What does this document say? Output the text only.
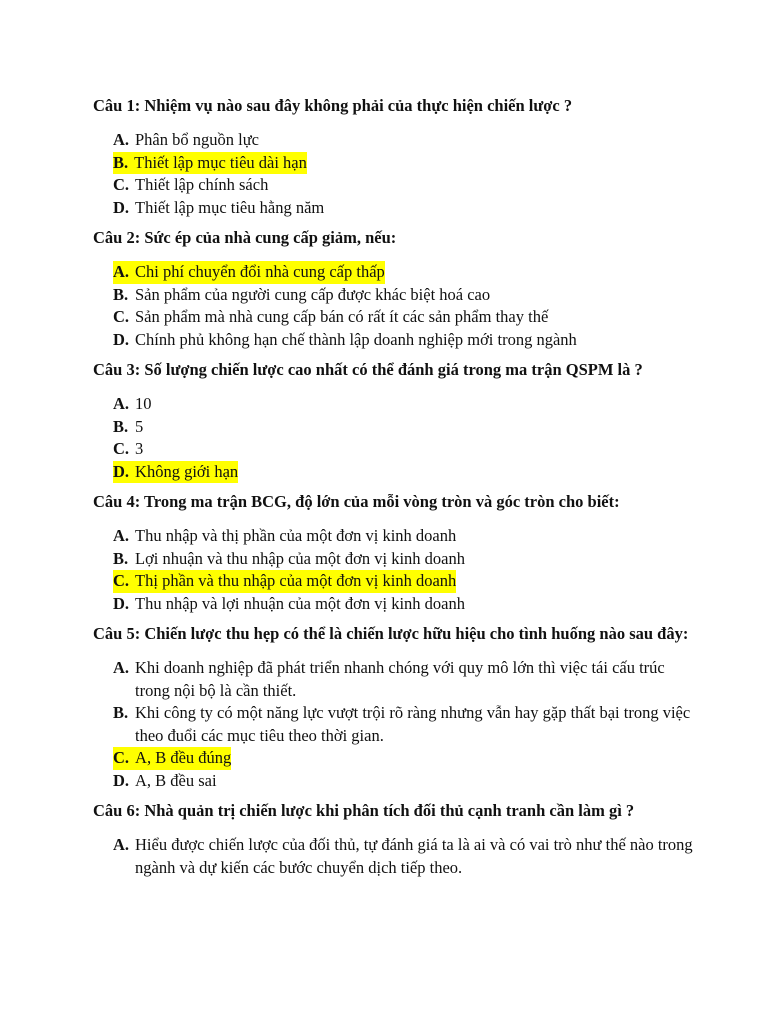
Câu 1: Nhiệm vụ nào sau đây không phải của thực hiện chiến lược ?

A. Phân bổ nguồn lực
B. Thiết lập mục tiêu dài hạn
C. Thiết lập chính sách
D. Thiết lập mục tiêu hằng năm

Câu 2: Sức ép của nhà cung cấp giảm, nếu:

A. Chi phí chuyển đổi nhà cung cấp thấp
B. Sản phẩm của người cung cấp được khác biệt hoá cao
C. Sản phẩm mà nhà cung cấp bán có rất ít các sản phẩm thay thế
D. Chính phủ không hạn chế thành lập doanh nghiệp mới trong ngành

Câu 3: Số lượng chiến lược cao nhất có thể đánh giá trong ma trận QSPM là ?

A. 10
B. 5
C. 3
D. Không giới hạn

Câu 4: Trong ma trận BCG, độ lớn của mỗi vòng tròn và góc tròn cho biết:

A. Thu nhập và thị phần của một đơn vị kinh doanh
B. Lợi nhuận và thu nhập của một đơn vị kinh doanh
C. Thị phần và thu nhập của một đơn vị kinh doanh
D. Thu nhập và lợi nhuận của một đơn vị kinh doanh

Câu 5: Chiến lược thu hẹp có thể là chiến lược hữu hiệu cho tình huống nào sau đây:

A. Khi doanh nghiệp đã phát triển nhanh chóng với quy mô lớn thì việc tái cấu trúc trong nội bộ là cần thiết.
B. Khi công ty có một năng lực vượt trội rõ ràng nhưng vẫn hay gặp thất bại trong việc theo đuổi các mục tiêu theo thời gian.
C. A, B đều đúng
D. A, B đều sai

Câu 6: Nhà quản trị chiến lược khi phân tích đối thủ cạnh tranh cần làm gì ?

A. Hiểu được chiến lược của đối thủ, tự đánh giá ta là ai và có vai trò như thế nào trong ngành và dự kiến các bước chuyển dịch tiếp theo.
